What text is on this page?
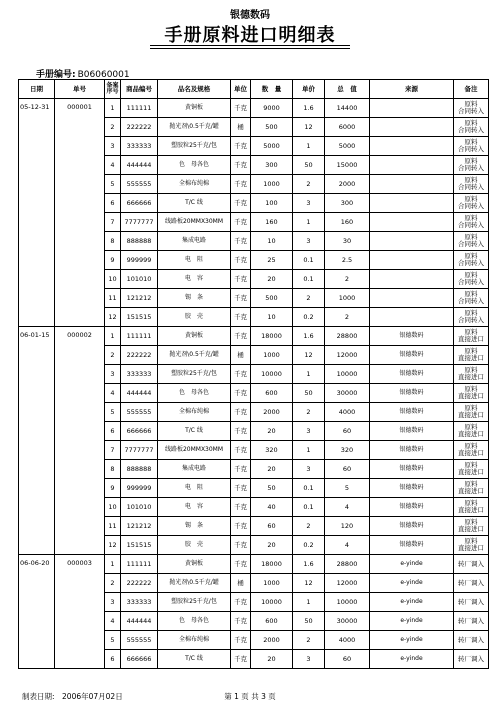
银德数码
手册原料进口明细表
手册编号: B06060001
日期	单号	备案序号	商品编号	品名及规格	单位	数　量	单价	总　值	来源	备注
05-12-31	000001	1	111111	黄铜板	千克	9000	1.6	14400		原料
合同转入

		2	222222	抛光剂\0.5千克/罐	桶	500	12	6000		原料
合同转入

		3	333333	塑胶粒25千克/包	千克	5000	1	5000		原料
合同转入

		4	444444	色　母各色	千克	300	50	15000		原料
合同转入

		5	555555	全棉布纯棉	千克	1000	2	2000		原料
合同转入

		6	666666	T/C 线	千克	100	3	300		原料
合同转入

		7	7777777	线路板20MMX30MM	千克	160	1	160		原料
合同转入

		8	888888	集成电路	千克	10	3	30		原料
合同转入

		9	999999	电　阻	千克	25	0.1	2.5		原料
合同转入

		10	101010	电　容	千克	20	0.1	2		原料
合同转入

		11	121212	锡　条	千克	500	2	1000		原料
合同转入

		12	151515	胶　壳	千克	10	0.2	2		原料
合同转入

06-01-15	000002	1	111111	黄铜板	千克	18000	1.6	28800	银德数码	原料
直接进口

		2	222222	抛光剂\0.5千克/罐	桶	1000	12	12000	银德数码	原料
直接进口

		3	333333	塑胶粒25千克/包	千克	10000	1	10000	银德数码	原料
直接进口

		4	444444	色　母各色	千克	600	50	30000	银德数码	原料
直接进口

		5	555555	全棉布纯棉	千克	2000	2	4000	银德数码	原料
直接进口

		6	666666	T/C 线	千克	20	3	60	银德数码	原料
直接进口

		7	7777777	线路板20MMX30MM	千克	320	1	320	银德数码	原料
直接进口

		8	888888	集成电路	千克	20	3	60	银德数码	原料
直接进口

		9	999999	电　阻	千克	50	0.1	5	银德数码	原料
直接进口

		10	101010	电　容	千克	40	0.1	4	银德数码	原料
直接进口

		11	121212	锡　条	千克	60	2	120	银德数码	原料
直接进口

		12	151515	胶　壳	千克	20	0.2	4	银德数码	原料
直接进口

06-06-20	000003	1	111111	黄铜板	千克	18000	1.6	28800	e-yinde	转厂调入

		2	222222	抛光剂\0.5千克/罐	桶	1000	12	12000	e-yinde	转厂调入

		3	333333	塑胶粒25千克/包	千克	10000	1	10000	e-yinde	转厂调入

		4	444444	色　母各色	千克	600	50	30000	e-yinde	转厂调入

		5	555555	全棉布纯棉	千克	2000	2	4000	e-yinde	转厂调入

		6	666666	T/C 线	千克	20	3	60	e-yinde	转厂调入
制表日期:　2006年07月02日	第 1 页 共 3 页
